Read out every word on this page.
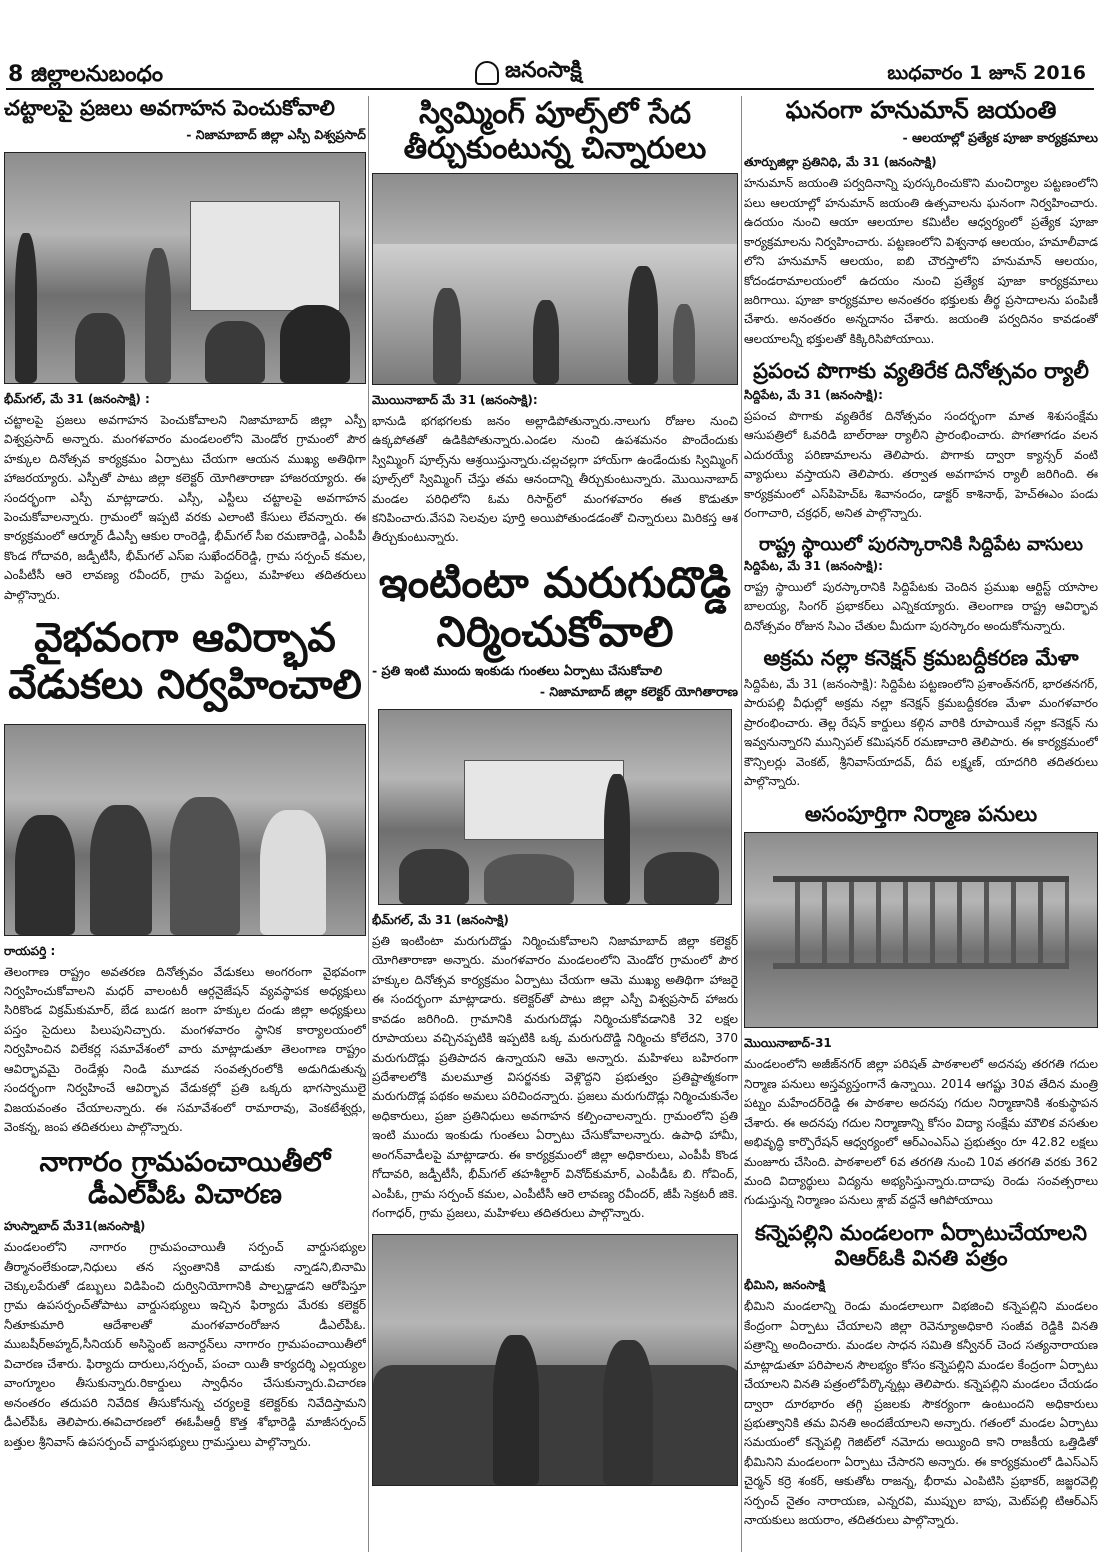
8 జిల్లాలనుబంధం	జనంసాక్షి	బుధవారం 1 జూన్ 2016
చట్టాలపై ప్రజలు అవగాహన పెంచుకోవాలి
- నిజామాబాద్ జిల్లా ఎస్పీ విశ్వప్రసాద్
భీమ్‌గల్, మే 31 (జనంసాక్షి) :

చట్టాలపై ప్రజలు అవగాహన పెంచుకోవాలని నిజామాబాద్ జిల్లా ఎస్పీ విశ్వప్రసాద్ అన్నారు. మంగళవారం మండలంలోని మెండోర గ్రామంలో పౌర హక్కుల దినోత్సవ కార్యక్రమం ఏర్పాటు చేయగా ఆయన ముఖ్య అతిథిగా హాజరయ్యారు. ఎస్పీతో పాటు జిల్లా కలెక్టర్ యోగితారాణా హాజరయ్యారు. ఈ సందర్భంగా ఎస్పీ మాట్లాడారు. ఎస్సీ, ఎస్టీలు చట్టాలపై అవగాహన పెంచుకోవాలన్నారు. గ్రామంలో ఇప్పటి వరకు ఎలాంటి కేసులు లేవన్నారు. ఈ కార్యక్రమంలో ఆర్మూర్ డీఎస్పీ ఆకుల రాంరెడ్డి, భీమ్‌గల్ సీఐ రమణారెడ్డి, ఎంపీపీ కొండ గోదావరి, జడ్పీటీసీ, భీమ్‌గల్ ఎస్‌ఐ సుఖేందర్‌రెడ్డి, గ్రామ సర్పంచ్ కమల, ఎంపీటీసీ ఆరె లావణ్య రవీందర్, గ్రామ పెద్దలు, మహిళలు తదితరులు పాల్గొన్నారు.

వైభవంగా ఆవిర్భావ వేడుకలు నిర్వహించాలి
రాయపర్తి :

తెలంగాణ రాష్ట్రం అవతరణ దినోత్సవం వేడుకలు అంగరంగా వైభవంగా నిర్వహించుకోవాలని మధర్ వాలంటరీ ఆర్గనైజేషన్ వ్యవస్థాపక అధ్యక్షులు సిరికొండ విక్రమ్‌కుమార్, బేడ బుడగ జంగా హక్కుల దండు జిల్లా అధ్యక్షులు పస్తం సైదులు పిలుపునిచ్చారు. మంగళవారం స్థానిక కార్యాలయంలో నిర్వహించిన విలేకర్ల సమావేశంలో వారు మాట్లాడుతూ తెలంగాణ రాష్ట్రం ఆవిర్భావమై రెండేళ్లు నిండి మూడవ సంవత్సరంలోకి అడుగిడుతున్న సందర్భంగా నిర్వహించే ఆవిర్భావ వేడుకల్లో ప్రతి ఒక్కరు భాగస్వాములై విజయవంతం చేయాలన్నారు. ఈ సమావేశంలో రామారావు, వెంకటేశ్వర్లు, వెంకన్న, జంప తదితరులు పాల్గొన్నారు.

నాగారం గ్రామపంచాయితీలో డీఎల్‌పీఓ విచారణ
హుస్నాబాద్ మే31(జనంసాక్షి)

మండలంలోని నాగారం గ్రామపంచాయితీ సర్పంచ్ వార్డుసభ్యుల తీర్మానంలేకుండా,నిధులు తన స్వంతానికి వాడుకు న్నాడని,బినామి చెక్కులపేరుతో డబ్బులు విడిపించి దుర్వినియోగానికి పాల్పడ్డాడని ఆరోపిస్తూ గ్రామ ఉపసర్పంచ్‌తోపాటు వార్డుసభ్యులు ఇచ్చిన ఫిర్యాదు మేరకు కలెక్టర్ నీతూకుమారి ఆదేశాలతో మంగళవారంరోజున డీఎల్‌పీఓ. ముబషీర్‌అహ్మద్,సీనియర్ అసిస్టెంట్ జనార్దన్‌లు నాగారం గ్రామపంచాయితీలో విచారణ చేశారు. ఫిర్యాదు దారులు,సర్పంచ్, పంచా యితీ కార్యదర్శి ఎల్లయ్యల వాంగ్మూలం తీసుకున్నారు.రికార్డులు స్వాధీనం చేసుకున్నారు.విచారణ అనంతరం తదుపరి నివేదిక తీసుకోనున్న చర్యలకై కలెక్టర్‌కు నివేదిస్తామని డీఎల్‌పీఓ తెలిపారు.ఈవిచారణలో ఈఓపీఆర్డీ కొత్త శోభారెడ్డి మాజీసర్పంచ్ బత్తుల శ్రీనివాస్ ఉపసర్పంచ్ వార్డుసభ్యులు గ్రామస్తులు పాల్గొన్నారు.

స్విమ్మింగ్ పూల్స్‌లో సేద తీర్చుకుంటున్న చిన్నారులు
మొయినాబాద్ మే 31 (జనంసాక్షి):

భానుడి భగభగలకు జనం అల్లాడిపోతున్నారు.నాలుగు రోజుల నుంచి ఉక్కపోతతో ఉడికిపోతున్నారు.ఎండల నుంచి ఉపశమనం పొందేందుకు స్విమ్మింగ్ పూల్స్‌ను ఆశ్రయిస్తున్నారు.చల్లచల్లగా హాయ్‌గా ఉండేందుకు స్విమ్మింగ్ పూల్స్‌లో స్విమ్మింగ్ చేస్తు తమ ఆనందాన్ని తీర్చుకుంటున్నారు. మొయినాబాద్ మండల పరిధిలోని ఓమ రిసార్ట్‌లో మంగళవారం ఈత కొడుతూ కనిపించారు.వేసవి సెలవుల పూర్తి అయిపోతుండడంతో చిన్నారులు మిరికస్త ఆశ తీర్చుకుంటున్నారు.

ఇంటింటా మరుగుదొడ్డి నిర్మించుకోవాలి
- ప్రతి ఇంటి ముందు ఇంకుడు గుంతలు ఏర్పాటు చేసుకోవాలి
- నిజామాబాద్ జిల్లా కలెక్టర్ యోగితారాణ
భీమ్‌గల్, మే 31 (జనంసాక్షి)

ప్రతి ఇంటింటా మరుగుదొడ్డు నిర్మించుకోవాలని నిజామాబాద్ జిల్లా కలెక్టర్ యోగితారాణా అన్నారు. మంగళవారం మండలంలోని మెండోర గ్రామంలో పౌర హక్కుల దినోత్సవ కార్యక్రమం ఏర్పాటు చేయగా ఆమె ముఖ్య అతిథిగా హాజరై ఈ సందర్భంగా మాట్లాడారు. కలెక్టర్‌తో పాటు జిల్లా ఎస్పీ విశ్వప్రసాద్ హాజరు కావడం జరిగింది. గ్రామానికి మరుగుదొడ్లు నిర్మించుకోవడానికి 32 లక్షల రూపాయలు వచ్చినప్పటికి ఇప్పటికి ఒక్క మరుగుదొడ్డి నిర్మించు కోలేదని, 370 మరుగుదొడ్లు ప్రతిపాదన ఉన్నాయని ఆమె అన్నారు. మహిళలు బహిరంగా ప్రదేశాలలోకి మలమూత్ర విసర్జనకు వెళ్లొద్దని ప్రభుత్వం ప్రతిష్టాత్మకంగా మరుగుదొడ్ల పథకం అమలు పరిచిందన్నారు. ప్రజలు మరుగుదొడ్లు నిర్మించుకునేల అధికారులు, ప్రజా ప్రతినిధులు అవగాహన కల్పించాలన్నారు. గ్రామంలోని ప్రతి ఇంటి ముందు ఇంకుడు గుంతలు ఏర్పాటు చేసుకోవాలన్నారు. ఉపాధి హామీ, అంగన్‌వాడీలపై మాట్లాడారు. ఈ కార్యక్రమంలో జిల్లా అధికారులు, ఎంపీపీ కొండ గోదావరి, జడ్పీటీసీ, భీమ్‌గల్ తహశీల్దార్ వినోద్‌కుమార్, ఎంపీడీఓ బి. గోవింద్, ఎంపీఓ, గ్రామ సర్పంచ్ కమల, ఎంపీటీసీ ఆరె లావణ్య రవీందర్, జీపీ సెక్రటరీ జికె. గంగాధర్, గ్రామ ప్రజలు, మహిళలు తదితరులు పాల్గొన్నారు.

ఘనంగా హనుమాన్ జయంతి
- ఆలయాల్లో ప్రత్యేక పూజా కార్యక్రమాలు
తూర్పుజిల్లా ప్రతినిధి, మే 31 (జనంసాక్షి)

హనుమాన్ జయంతి పర్వదినాన్ని పురస్కరించుకొని మంచిర్యాల పట్టణంలోని పలు ఆలయాల్లో హనుమాన్ జయంతి ఉత్సవాలను ఘనంగా నిర్వహించారు. ఉదయం నుంచి ఆయా ఆలయాల కమిటీల ఆధ్వర్యంలో ప్రత్యేక పూజా కార్యక్రమాలను నిర్వహించారు. పట్టణంలోని విశ్వనాథ ఆలయం, హమాలీవాడ లోని హనుమాన్ ఆలయం, ఐబి చౌరస్తాలోని హనుమాన్ ఆలయం, కోదండరామాలయంలో ఉదయం నుంచి ప్రత్యేక పూజా కార్యక్రమాలు జరిగాయి. పూజా కార్యక్రమాల అనంతరం భక్తులకు తీర్థ ప్రసాదాలను పంపిణీ చేశారు. అనంతరం అన్నదానం చేశారు. జయంతి పర్వదినం కావడంతో ఆలయాలన్నీ భక్తులతో కిక్కిరిసిపోయాయి.

ప్రపంచ పొగాకు వ్యతిరేక దినోత్సవం ర్యాలీ
సిద్దిపేట, మే 31 (జనంసాక్షి):

ప్రపంచ పొగాకు వ్యతిరేక దినోత్సవం సందర్భంగా మాత శిశుసంక్షేమ ఆసుపత్రిలో ఓవరిడి బాల్‌రాజు ర్యాలీని ప్రారంభించారు. పొగతాగడం వలన ఎదురయ్యే పరిణామాలను తెలిపారు. పొగాకు ద్వారా క్యాన్సర్ వంటి వ్యాధులు వస్తాయని తెలిపారు. తర్వాత అవగాహన ర్యాలీ జరిగింది. ఈ కార్యక్రమంలో ఎస్‌పిహెచ్‌ఓ శివానందం, డాక్టర్ కాశినాథ్, హెచ్‌ఈఎం పండు రంగాచారి, చక్రధర్, అనిత పాల్గొన్నారు.

రాష్ట్ర స్థాయిలో పురస్కారానికి సిద్దిపేట వాసులు
సిద్దిపేట, మే 31 (జనంసాక్షి):

రాష్ట్ర స్థాయిలో పురస్కారానికి సిద్దిపేటకు చెందిన ప్రముఖ ఆర్టిస్ట్ యాసాల బాలయ్య, సింగర్ ప్రభాకర్‌లు ఎన్నికయ్యారు. తెలంగాణ రాష్ట్ర ఆవిర్భావ దినోత్సవం రోజున సిఎం చేతుల మీదుగా పురస్కారం అందుకోనున్నారు.

అక్రమ నల్లా కనెక్షన్ క్రమబద్దీకరణ మేళా

సిద్దిపేట, మే 31 (జనంసాక్షి): సిద్దిపేట పట్టణంలోని ప్రశాంత్‌నగర్, భారతనగర్, పారుపల్లి వీధుల్లో అక్రమ నల్లా కనెక్షన్ క్రమబద్దీకరణ మేళా మంగళవారం ప్రారంభించారు. తెల్ల రేషన్ కార్డులు కల్గిన వారికి రూపాయికే నల్లా కనెక్షన్ ను ఇవ్వనున్నారని మున్సిపల్ కమిషనర్ రమణాచారి తెలిపారు. ఈ కార్యక్రమంలో కౌన్సిలర్లు వెంకట్, శ్రీనివాస్‌యాదవ్, దీప లక్ష్మణ్, యాదగిరి తదితరులు పాల్గొన్నారు.

అసంపూర్తిగా నిర్మాణ పనులు
మొయినాబాద్-31

మండలంలోని అజీజ్‌నగర్ జిల్లా పరిషత్ పాఠశాలలో అదనపు తరగతి గదుల నిర్మాణ పనులు అస్తవ్యస్తంగానే ఉన్నాయి. 2014 ఆగష్టు 30వ తేదిన మంత్రి పట్నం మహేందర్‌రెడ్డి ఈ పాఠశాల అదనపు గదుల నిర్మాణానికి శంకుస్థాపన చేశారు. ఈ అదనపు గదుల నిర్మాణాన్ని కోసం విద్యా సంక్షేమ మౌలిక వసతుల అభివృద్ధి కార్పొరేషన్ ఆధ్వర్యంలో ఆర్‌ఎంఎస్‌ఎ ప్రభుత్వం రూ 42.82 లక్షలు మంజూరు చేసింది. పాఠశాలలో 6వ తరగతి నుంచి 10వ తరగతి వరకు 362 మంది విద్యార్థులు విద్యను అభ్యసిస్తున్నారు.దాదాపు రెండు సంవత్సరాలు గుడుస్తున్న నిర్మాణం పనులు శ్లాబ్ వద్దనే ఆగిపోయాయి

కన్నెపల్లిని మండలంగా ఏర్పాటుచేయాలని
విఆర్‌ఓకి వినతి పత్రం
భీమిని, జనంసాక్షి

భీమిని మండలాన్ని రెండు మండలాలుగా విభజించి కన్నెపల్లిని మండలం కేంద్రంగా ఏర్పాటు చేయాలని జిల్లా రెవెన్యూఅధికారి సంజీవ రెడ్డికి వినతి పత్రాన్ని అందించారు. మండల సాధన సమితి కన్వీనర్ చెంద సత్యనారాయణ మాట్లాడుతూ పరిపాలన సౌలభ్యం కోసం కన్నెపల్లిని మండల కేంద్రంగా ఏర్పాటు చేయాలని వినతి పత్రంలోపేర్కొన్నట్లు తెలిపారు. కన్నెపల్లిని మండలం చేయడం ద్వారా దూరభారం తగ్గి ప్రజలకు సౌకర్యంగా ఉంటుందని అధికారులు ప్రభుత్వానికి తమ వినతి అందజేయాలని అన్నారు. గతంలో మండల ఏర్పాటు సమయంలో కన్నెపల్లి గెజిట్‌లో నమోదు అయ్యింది కాని రాజకీయ ఒత్తిడితో భీమినిని మండలంగా ఏర్పాటు చేసారని అన్నారు. ఈ కార్యక్రమంలో డిఎస్‌ఎస్ చైర్మన్ కర్రె శంకర్, ఆకుతోట రాజన్న, భీరామ ఎంపిటిసి ప్రభాకర్, జజ్జరవెల్లి సర్పంచ్ నైతం నారాయణ, ఎన్నరవి, ముప్పుల బాపు, మెట్‌పల్లి టిఆర్‌ఎస్ నాయకులు జయరాం, తదితరులు పాల్గొన్నారు.
